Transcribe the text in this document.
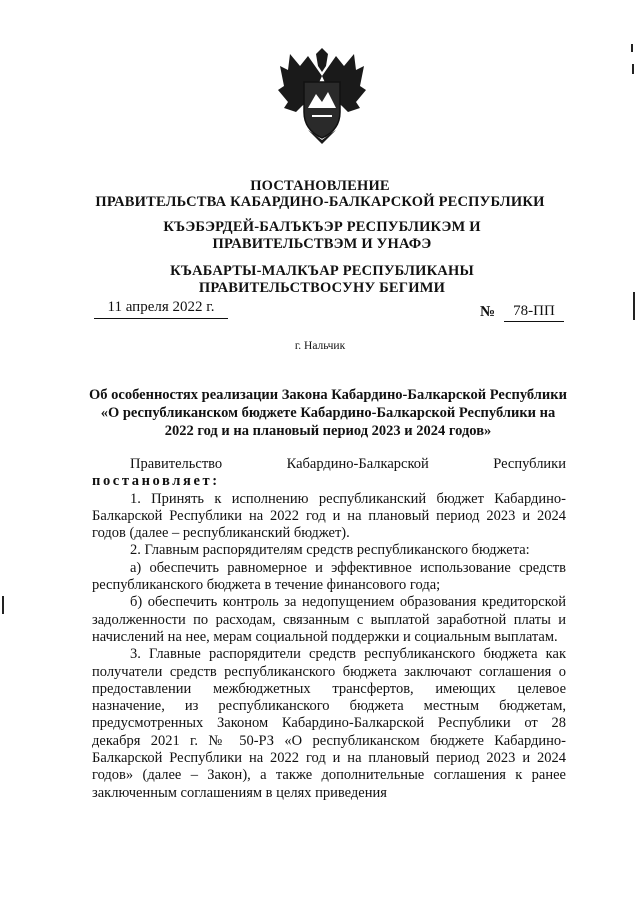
ПОСТАНОВЛЕНИЕ
ПРАВИТЕЛЬСТВА КАБАРДИНО-БАЛКАРСКОЙ РЕСПУБЛИКИ
КЪЭБЭРДЕЙ-БАЛЪКЪЭР РЕСПУБЛИКЭМ И ПРАВИТЕЛЬСТВЭМ И УНАФЭ
КЪАБАРТЫ-МАЛКЪАР РЕСПУБЛИКАНЫ ПРАВИТЕЛЬСТВОСУНУ БЕГИМИ
11 апреля 2022 г.	№	78-ПП
г. Нальчик
Об особенностях реализации Закона Кабардино-Балкарской Республики «О республиканском бюджете Кабардино-Балкарской Республики на 2022 год и на плановый период 2023 и 2024 годов»
Правительство	Кабардино-Балкарской	Республики

постановляет:

1. Принять к исполнению республиканский бюджет Кабардино-Балкарской Республики на 2022 год и на плановый период 2023 и 2024 годов (далее – республиканский бюджет).

2. Главным распорядителям средств республиканского бюджета:

а) обеспечить равномерное и эффективное использование средств республиканского бюджета в течение финансового года;

б) обеспечить контроль за недопущением образования кредиторской задолженности по расходам, связанным с выплатой заработной платы и начислений на нее, мерам социальной поддержки и социальным выплатам.

3. Главные распорядители средств республиканского бюджета как получатели средств республиканского бюджета заключают соглашения о предоставлении межбюджетных трансфертов, имеющих целевое назначение, из республиканского бюджета местным бюджетам, предусмотренных Законом Кабардино-Балкарской Республики от 28 декабря 2021 г. № 50-РЗ «О республиканском бюджете Кабардино-Балкарской Республики на 2022 год и на плановый период 2023 и 2024 годов» (далее – Закон), а также дополнительные соглашения к ранее заключенным соглашениям в целях приведения
